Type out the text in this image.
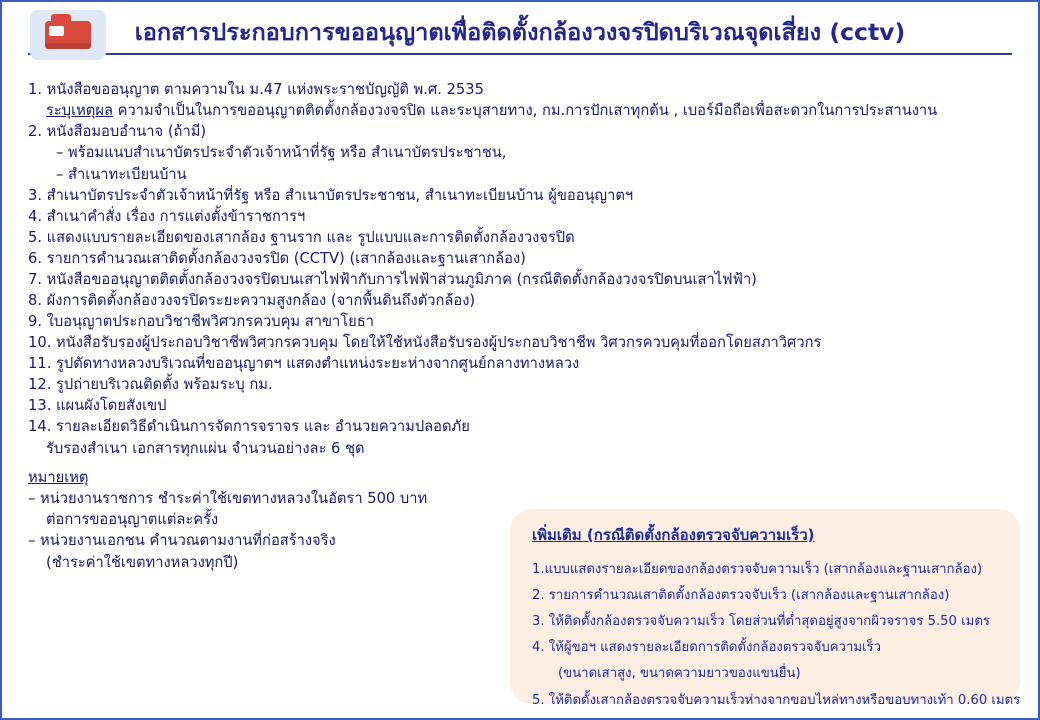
เอกสารประกอบการขออนุญาตเพื่อติดตั้งกล้องวงจรปิดบริเวณจุดเสี่ยง (cctv)
1. หนังสือขออนุญาต ตามความใน ม.47 แห่งพระราชบัญญัติ พ.ศ. 2535
ระบุเหตุผล ความจำเป็นในการขออนุญาตติดตั้งกล้องวงจรปิด และระบุสายทาง, กม.การปักเสาทุกต้น , เบอร์มือถือเพื่อสะดวกในการประสานงาน
2. หนังสือมอบอำนาจ (ถ้ามี)
– พร้อมแนบสำเนาบัตรประจำตัวเจ้าหน้าที่รัฐ หรือ สำเนาบัตรประชาชน,
– สำเนาทะเบียนบ้าน
3. สำเนาบัตรประจำตัวเจ้าหน้าที่รัฐ หรือ สำเนาบัตรประชาชน, สำเนาทะเบียนบ้าน ผู้ขออนุญาตฯ
4. สำเนาคำสั่ง เรื่อง การแต่งตั้งข้าราชการฯ
5. แสดงแบบรายละเอียดของเสากล้อง ฐานราก และ รูปแบบและการติดตั้งกล้องวงจรปิด
6. รายการคำนวณเสาติดตั้งกล้องวงจรปิด (CCTV) (เสากล้องและฐานเสากล้อง)
7. หนังสือขออนุญาตติดตั้งกล้องวงจรปิดบนเสาไฟฟ้ากับการไฟฟ้าส่วนภูมิภาค (กรณีติดตั้งกล้องวงจรปิดบนเสาไฟฟ้า)
8. ผังการติดตั้งกล้องวงจรปิดระยะความสูงกล้อง (จากพื้นดินถึงตัวกล้อง)
9. ใบอนุญาตประกอบวิชาชีพวิศวกรควบคุม สาขาโยธา
10. หนังสือรับรองผู้ประกอบวิชาชีพวิศวกรควบคุม โดยให้ใช้หนังสือรับรองผู้ประกอบวิชาชีพ วิศวกรควบคุมที่ออกโดยสภาวิศวกร
11. รูปตัดทางหลวงบริเวณที่ขออนุญาตฯ แสดงตำแหน่งระยะห่างจากศูนย์กลางทางหลวง
12. รูปถ่ายบริเวณติดตั้ง พร้อมระบุ กม.
13. แผนผังโดยสังเขป
14. รายละเอียดวิธีดำเนินการจัดการจราจร และ อำนวยความปลอดภัย
รับรองสำเนา เอกสารทุกแผ่น จำนวนอย่างละ 6 ชุด
หมายเหตุ
– หน่วยงานราชการ ชำระค่าใช้เขตทางหลวงในอัตรา 500 บาท
ต่อการขออนุญาตแต่ละครั้ง
– หน่วยงานเอกชน คำนวณตามงานที่ก่อสร้างจริง
(ชำระค่าใช้เขตทางหลวงทุกปี)
เพิ่มเติม (กรณีติดตั้งกล้องตรวจจับความเร็ว)
1.แบบแสดงรายละเอียดของกล้องตรวจจับความเร็ว (เสากล้องและฐานเสากล้อง)
2. รายการคำนวณเสาติดตั้งกล้องตรวจจับเร็ว (เสากล้องและฐานเสากล้อง)
3. ให้ติดตั้งกล้องตรวจจับความเร็ว โดยส่วนที่ต่ำสุดอยู่สูงจากผิวจราจร 5.50 เมตร
4. ให้ผู้ขอฯ แสดงรายละเอียดการติดตั้งกล้องตรวจจับความเร็ว
(ขนาดเสาสูง, ขนาดความยาวของแขนยื่น)
5. ให้ติดตั้งเสากล้องตรวจจับความเร็วห่างจากขอบไหล่ทางหรือขอบทางเท้า 0.60 เมตร
